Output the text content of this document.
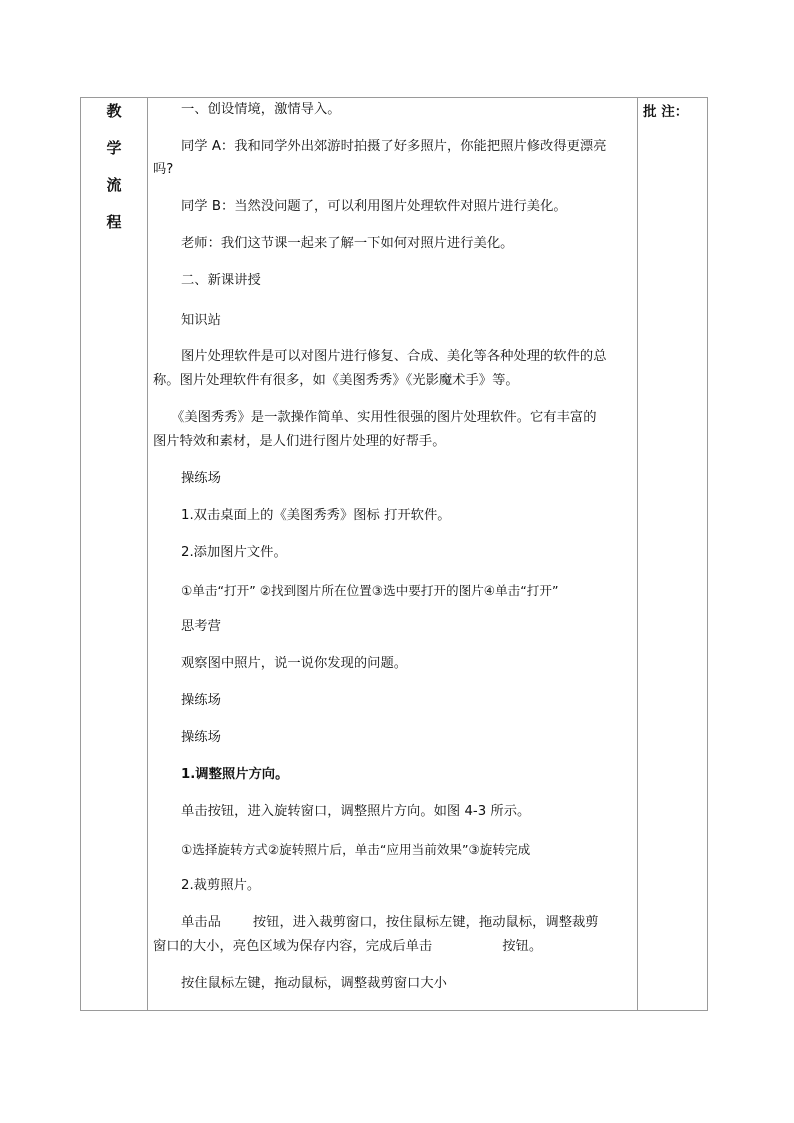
教
学
流
程
一、创设情境，激情导入。
同学 A：我和同学外出郊游时拍摄了好多照片，你能把照片修改得更漂亮
吗?
同学 B：当然没问题了，可以利用图片处理软件对照片进行美化。
老师：我们这节课一起来了解一下如何对照片进行美化。
二、新课讲授
知识站
图片处理软件是可以对图片进行修复、合成、美化等各种处理的软件的总
称。图片处理软件有很多，如《美图秀秀》《光影魔术手》等。
《美图秀秀》是一款操作简单、实用性很强的图片处理软件。它有丰富的
图片特效和素材，是人们进行图片处理的好帮手。
操练场
1.双击桌面上的《美图秀秀》图标 打开软件。
2.添加图片文件。
①单击“打开” ②找到图片所在位置③选中要打开的图片④单击“打开”
思考营
观察图中照片，说一说你发现的问题。
操练场
操练场
1.调整照片方向。
单击按钮，进入旋转窗口，调整照片方向。如图 4-3 所示。
①选择旋转方式②旋转照片后，单击“应用当前效果”③旋转完成
2.裁剪照片。
单击品 按钮，进入裁剪窗口，按住鼠标左键，拖动鼠标，调整裁剪
窗口的大小，亮色区域为保存内容，完成后单击	按钮。
按住鼠标左键，拖动鼠标，调整裁剪窗口大小
批 注：
